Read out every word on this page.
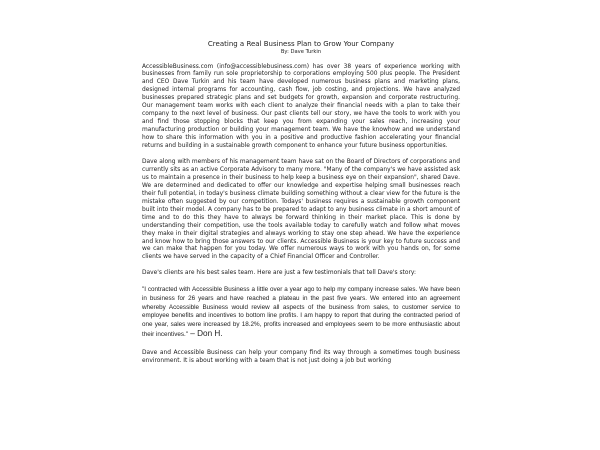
Creating a Real Business Plan to Grow Your Company

By: Dave Turkin

AccessibleBusiness.com (info@accessiblebusiness.com) has over 38 years of experience working with businesses from family run sole proprietorship to corporations employing 500 plus people. The President and CEO Dave Turkin and his team have developed numerous business plans and marketing plans, designed internal programs for accounting, cash flow, job costing, and projections. We have analyzed businesses prepared strategic plans and set budgets for growth, expansion and corporate restructuring. Our management team works with each client to analyze their financial needs with a plan to take their company to the next level of business. Our past clients tell our story, we have the tools to work with you and find those stopping blocks that keep you from expanding your sales reach, increasing your manufacturing production or building your management team. We have the knowhow and we understand how to share this information with you in a positive and productive fashion accelerating your financial returns and building in a sustainable growth component to enhance your future business opportunities.

Dave along with members of his management team have sat on the Board of Directors of corporations and currently sits as an active Corporate Advisory to many more. "Many of the company's we have assisted ask us to maintain a presence in their business to help keep a business eye on their expansion", shared Dave. We are determined and dedicated to offer our knowledge and expertise helping small businesses reach their full potential, in today's business climate building something without a clear view for the future is the mistake often suggested by our competition. Todays' business requires a sustainable growth component built into their model. A company has to be prepared to adapt to any business climate in a short amount of time and to do this they have to always be forward thinking in their market place. This is done by understanding their competition, use the tools available today to carefully watch and follow what moves they make in their digital strategies and always working to stay one step ahead. We have the experience and know how to bring those answers to our clients. Accessible Business is your key to future success and we can make that happen for you today. We offer numerous ways to work with you hands on, for some clients we have served in the capacity of a Chief Financial Officer and Controller.

Dave's clients are his best sales team. Here are just a few testimonials that tell Dave's story:

"I contracted with Accessible Business a little over a year ago to help my company increase sales. We have been in business for 26 years and have reached a plateau in the past five years. We entered into an agreement whereby Accessible Business would review all aspects of the business from sales, to customer service to employee benefits and incentives to bottom line profits. I am happy to report that during the contracted period of one year, sales were increased by 18.2%, profits increased and employees seem to be more enthusiastic about their incentives." – Don H.

Dave and Accessible Business can help your company find its way through a sometimes tough business environment. It is about working with a team that is not just doing a job but working
